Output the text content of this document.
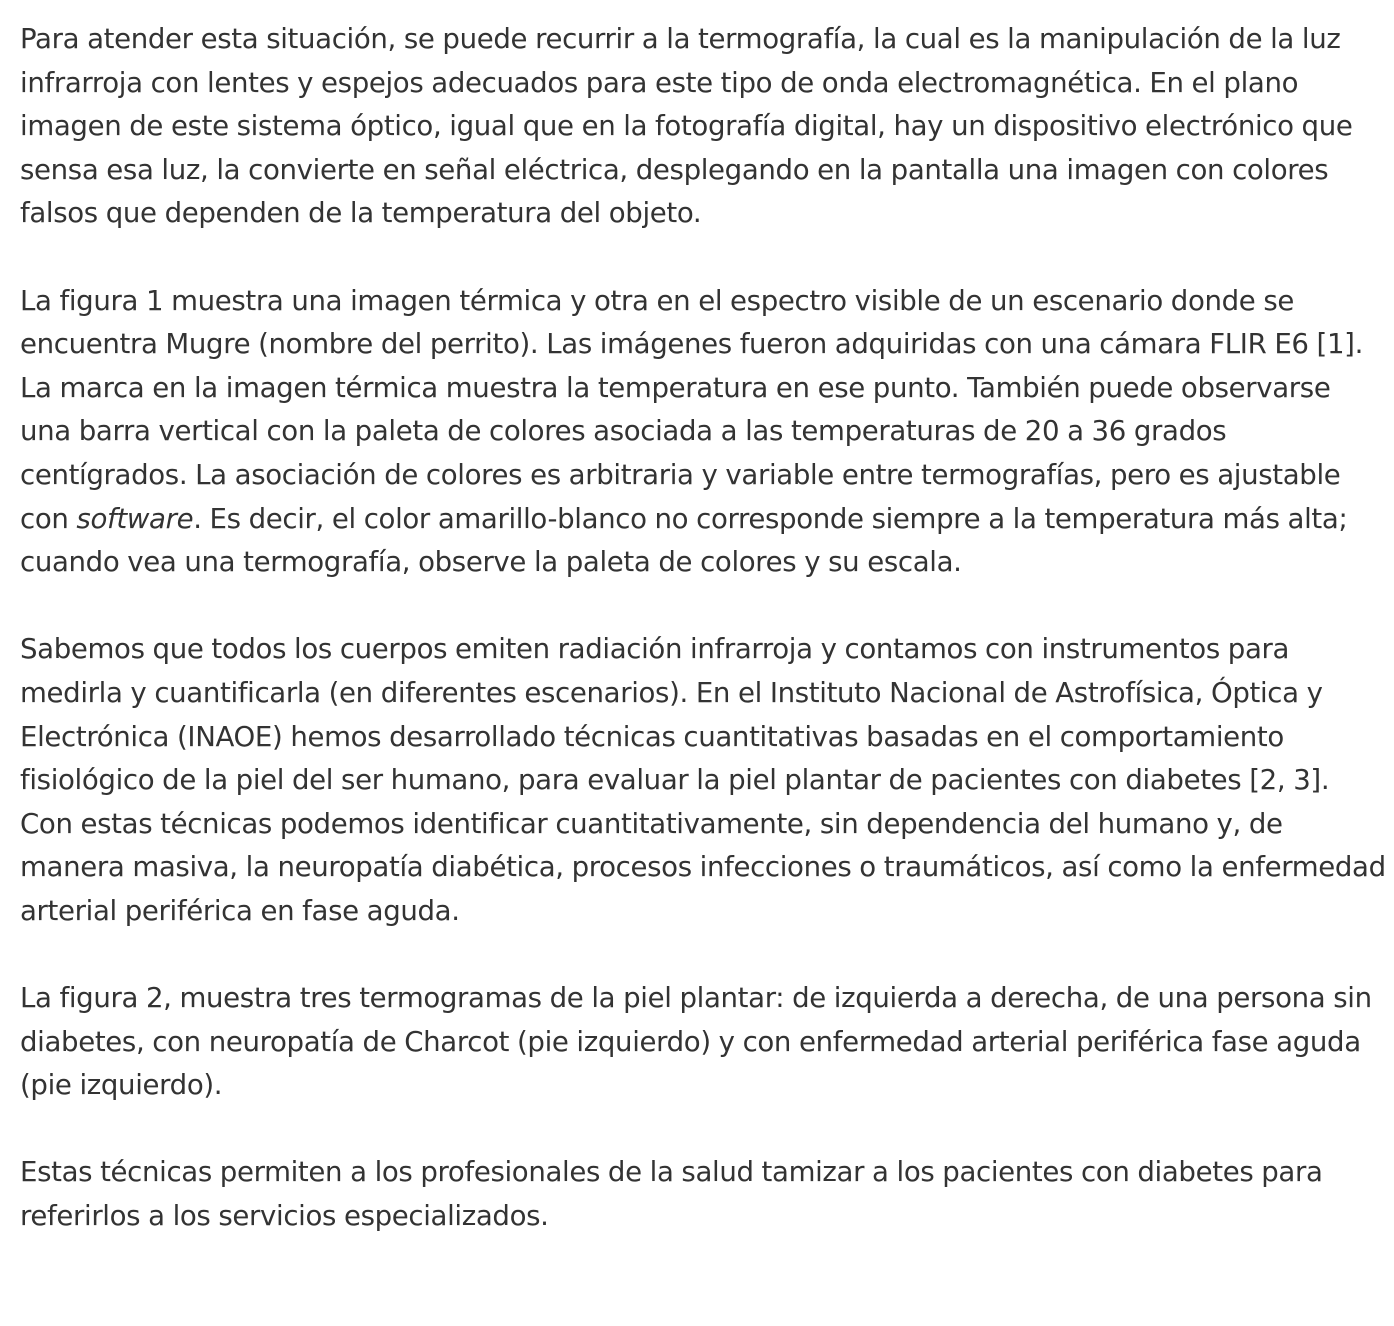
Para atender esta situación, se puede recurrir a la termografía, la cual es la manipulación de la luz infrarroja con lentes y espejos adecuados para este tipo de onda electromagnética. En el plano imagen de este sistema óptico, igual que en la fotografía digital, hay un dispositivo electrónico que sensa esa luz, la convierte en señal eléctrica, desplegando en la pantalla una imagen con colores falsos que dependen de la temperatura del objeto.

La figura 1 muestra una imagen térmica y otra en el espectro visible de un escenario donde se encuentra Mugre (nombre del perrito). Las imágenes fueron adquiridas con una cámara FLIR E6 [1]. La marca en la imagen térmica muestra la temperatura en ese punto. También puede observarse una barra vertical con la paleta de colores asociada a las temperaturas de 20 a 36 grados centígrados. La asociación de colores es arbitraria y variable entre termografías, pero es ajustable con software. Es decir, el color amarillo-blanco no corresponde siempre a la temperatura más alta; cuando vea una termografía, observe la paleta de colores y su escala.

Sabemos que todos los cuerpos emiten radiación infrarroja y contamos con instrumentos para medirla y cuantificarla (en diferentes escenarios). En el Instituto Nacional de Astrofísica, Óptica y Electrónica (INAOE) hemos desarrollado técnicas cuantitativas basadas en el comportamiento fisiológico de la piel del ser humano, para evaluar la piel plantar de pacientes con diabetes [2, 3]. Con estas técnicas podemos identificar cuantitativamente, sin dependencia del humano y, de manera masiva, la neuropatía diabética, procesos infecciones o traumáticos, así como la enfermedad arterial periférica en fase aguda.

La figura 2, muestra tres termogramas de la piel plantar: de izquierda a derecha, de una persona sin diabetes, con neuropatía de Charcot (pie izquierdo) y con enfermedad arterial periférica fase aguda (pie izquierdo).

Estas técnicas permiten a los profesionales de la salud tamizar a los pacientes con diabetes para referirlos a los servicios especializados.
